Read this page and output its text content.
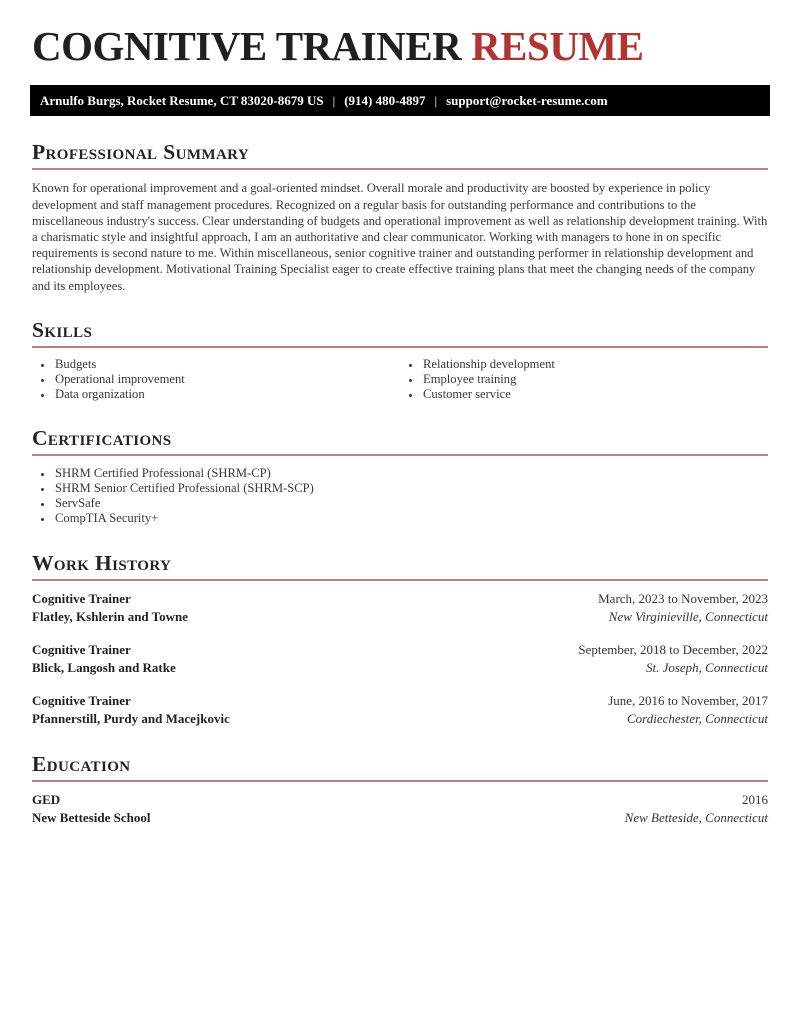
COGNITIVE TRAINER RESUME
Arnulfo Burgs, Rocket Resume, CT 83020-8679 US | (914) 480-4897 | support@rocket-resume.com
Professional Summary

Known for operational improvement and a goal-oriented mindset. Overall morale and productivity are boosted by experience in policy development and staff management procedures. Recognized on a regular basis for outstanding performance and contributions to the miscellaneous industry's success. Clear understanding of budgets and operational improvement as well as relationship development training. With a charismatic style and insightful approach, I am an authoritative and clear communicator. Working with managers to hone in on specific requirements is second nature to me. Within miscellaneous, senior cognitive trainer and outstanding performer in relationship development and relationship development. Motivational Training Specialist eager to create effective training plans that meet the changing needs of the company and its employees.

Skills
• Budgets
• Operational improvement
• Data organization
• Relationship development
• Employee training
• Customer service
Certifications
• SHRM Certified Professional (SHRM-CP)
• SHRM Senior Certified Professional (SHRM-SCP)
• ServSafe
• CompTIA Security+
Work History
Cognitive Trainer	March, 2023 to November, 2023
Flatley, Kshlerin and Towne	New Virginieville, Connecticut
Cognitive Trainer	September, 2018 to December, 2022
Blick, Langosh and Ratke	St. Joseph, Connecticut
Cognitive Trainer	June, 2016 to November, 2017
Pfannerstill, Purdy and Macejkovic	Cordiechester, Connecticut
Education
GED	2016
New Betteside School	New Betteside, Connecticut
